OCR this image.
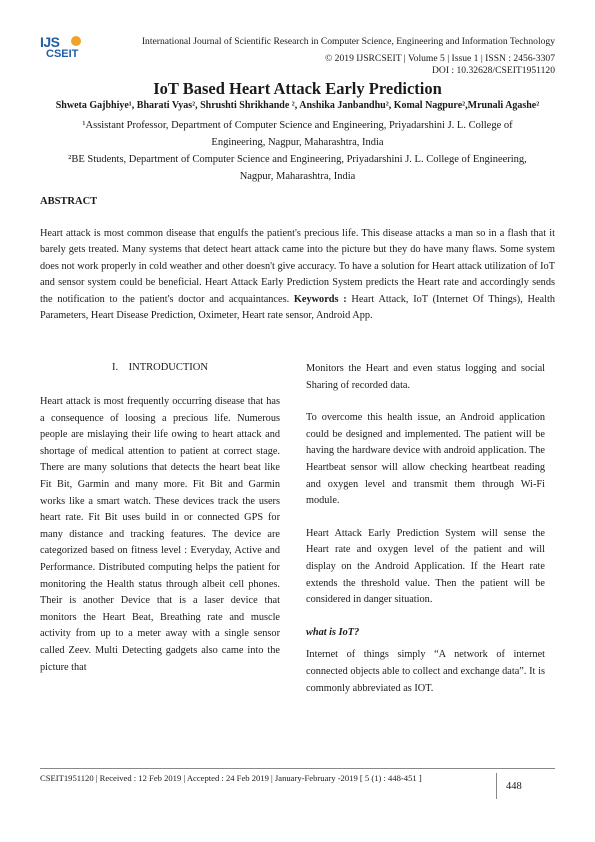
IJS
CSEIT
International Journal of Scientific Research in Computer Science, Engineering and Information Technology
© 2019 IJSRCSEIT | Volume 5 | Issue 1 | ISSN : 2456-3307
DOI : 10.32628/CSEIT1951120
IoT Based Heart Attack Early Prediction
Shweta Gajbhiye¹, Bharati Vyas², Shrushti Shrikhande ², Anshika Janbandhu², Komal Nagpure²,Mrunali Agashe²
¹Assistant Professor, Department of Computer Science and Engineering, Priyadarshini J. L. College of
Engineering, Nagpur, Maharashtra, India
²BE Students, Department of Computer Science and Engineering, Priyadarshini J. L. College of Engineering,
Nagpur, Maharashtra, India
ABSTRACT
Heart attack is most common disease that engulfs the patient's precious life. This disease attacks a man so in a flash that it barely gets treated. Many systems that detect heart attack came into the picture but they do have many flaws. Some system does not work properly in cold weather and other doesn't give accuracy. To have a solution for Heart attack utilization of IoT and sensor system could be beneficial. Heart Attack Early Prediction System predicts the Heart rate and accordingly sends the notification to the patient's doctor and acquaintances. Keywords : Heart Attack, IoT (Internet Of Things), Health Parameters, Heart Disease Prediction, Oximeter, Heart rate sensor, Android App.
I. INTRODUCTION

Heart attack is most frequently occurring disease that has a consequence of loosing a precious life. Numerous people are mislaying their life owing to heart attack and shortage of medical attention to patient at correct stage. There are many solutions that detects the heart beat like Fit Bit, Garmin and many more. Fit Bit and Garmin works like a smart watch. These devices track the users heart rate. Fit Bit uses build in or connected GPS for many distance and tracking features. The device are categorized based on fitness level : Everyday, Active and Performance. Distributed computing helps the patient for monitoring the Health status through albeit cell phones. Their is another Device that is a laser device that monitors the Heart Beat, Breathing rate and muscle activity from up to a meter away with a single sensor called Zeev. Multi Detecting gadgets also came into the picture that

Monitors the Heart and even status logging and social Sharing of recorded data.

To overcome this health issue, an Android application could be designed and implemented. The patient will be having the hardware device with android application. The Heartbeat sensor will allow checking heartbeat reading and oxygen level and transmit them through Wi-Fi module.

Heart Attack Early Prediction System will sense the Heart rate and oxygen level of the patient and will display on the Android Application. If the Heart rate extends the threshold value. Then the patient will be considered in danger situation.

what is IoT?

Internet of things simply “A network of internet connected objects able to collect and exchange data”. It is commonly abbreviated as IOT.

CSEIT1951120 | Received : 12 Feb 2019 | Accepted : 24 Feb 2019 | January-February -2019 [ 5 (1) : 448-451 ]
448
